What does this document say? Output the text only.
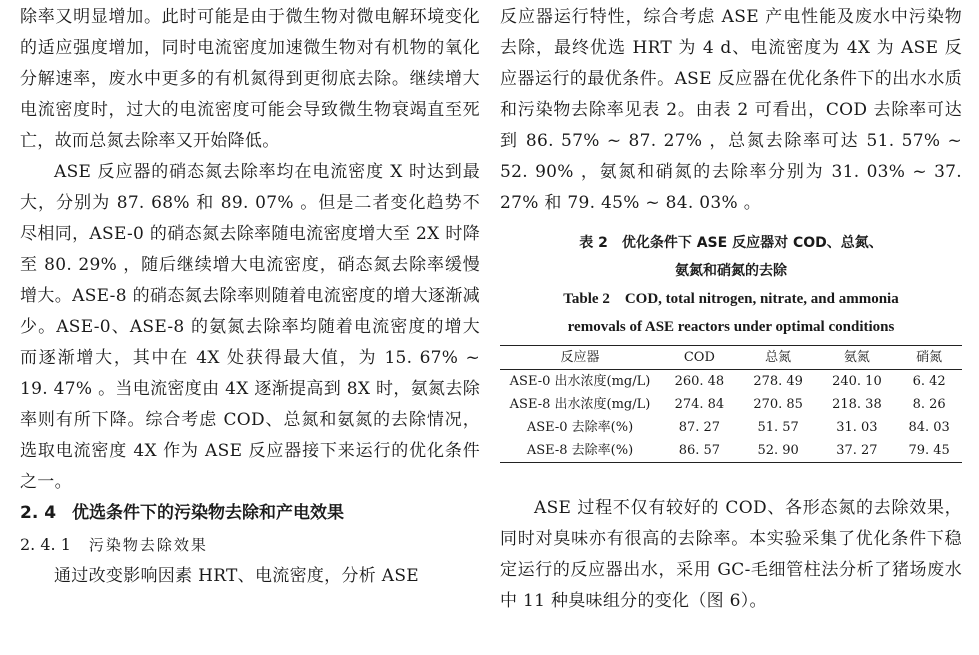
除率又明显增加。此时可能是由于微生物对微电解环境变化的适应强度增加，同时电流密度加速微生物对有机物的氧化分解速率，废水中更多的有机氮得到更彻底去除。继续增大电流密度时，过大的电流密度可能会导致微生物衰竭直至死亡，故而总氮去除率又开始降低。

ASE 反应器的硝态氮去除率均在电流密度 X 时达到最大，分别为 87. 68% 和 89. 07% 。但是二者变化趋势不尽相同，ASE-0 的硝态氮去除率随电流密度增大至 2X 时降至 80. 29% ，随后继续增大电流密度，硝态氮去除率缓慢增大。ASE-8 的硝态氮去除率则随着电流密度的增大逐渐减少。ASE-0、ASE-8 的氨氮去除率均随着电流密度的增大而逐渐增大，其中在 4X 处获得最大值，为 15. 67% ~ 19. 47% 。当电流密度由 4X 逐渐提高到 8X 时，氨氮去除率则有所下降。综合考虑 COD、总氮和氨氮的去除情况，选取电流密度 4X 作为 ASE 反应器接下来运行的优化条件之一。

2. 4 优选条件下的污染物去除和产电效果

2. 4. 1 污染物去除效果

通过改变影响因素 HRT、电流密度，分析 ASE

反应器运行特性，综合考虑 ASE 产电性能及废水中污染物去除，最终优选 HRT 为 4 d、电流密度为 4X 为 ASE 反应器运行的最优条件。ASE 反应器在优化条件下的出水水质和污染物去除率见表 2。由表 2 可看出，COD 去除率可达到 86. 57% ~ 87. 27% ，总氮去除率可达 51. 57% ~ 52. 90% ，氨氮和硝氮的去除率分别为 31. 03% ~ 37. 27% 和 79. 45% ~ 84. 03% 。

表 2　优化条件下 ASE 反应器对 COD、总氮、

氨氮和硝氮的去除

Table 2　COD, total nitrogen, nitrate, and ammonia

removals of ASE reactors under optimal conditions

反应器	COD	总氮	氨氮	硝氮
ASE-0 出水浓度(mg/L)	260. 48	278. 49	240. 10	6. 42
ASE-8 出水浓度(mg/L)	274. 84	270. 85	218. 38	8. 26
ASE-0 去除率(%)	87. 27	51. 57	31. 03	84. 03
ASE-8 去除率(%)	86. 57	52. 90	37. 27	79. 45

ASE 过程不仅有较好的 COD、各形态氮的去除效果，同时对臭味亦有很高的去除率。本实验采集了优化条件下稳定运行的反应器出水，采用 GC-毛细管柱法分析了猪场废水中 11 种臭味组分的变化（图 6）。
